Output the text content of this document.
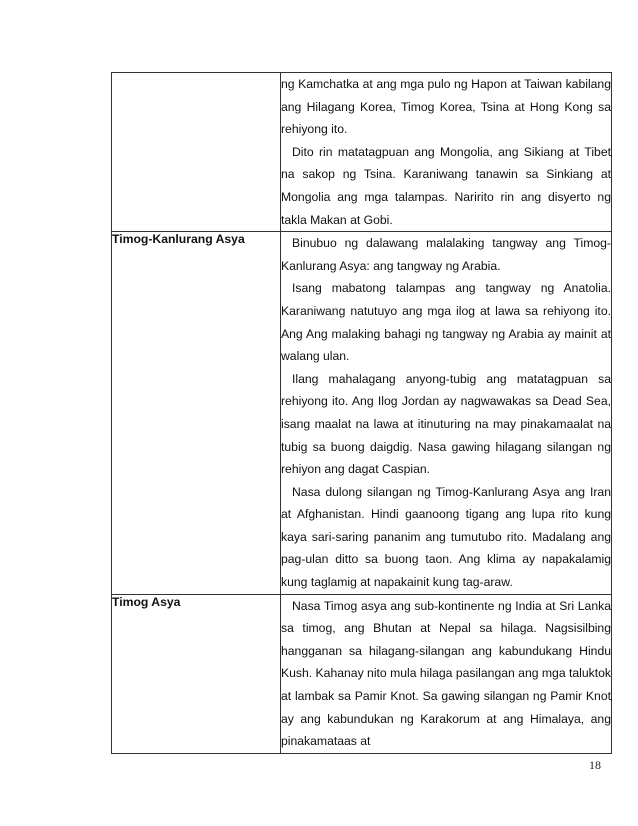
	ng Kamchatka at ang mga pulo ng Hapon at Taiwan kabilang ang Hilagang Korea, Timog Korea, Tsina at Hong Kong sa rehiyong ito.

Dito rin matatagpuan ang Mongolia, ang Sikiang at Tibet na sakop ng Tsina. Karaniwang tanawin sa Sinkiang at Mongolia ang mga talampas. Naririto rin ang disyerto ng takla Makan at Gobi.

Timog-Kanlurang Asya	Binubuo ng dalawang malalaking tangway ang Timog-Kanlurang Asya: ang tangway ng Arabia.

Isang mabatong talampas ang tangway ng Anatolia. Karaniwang natutuyo ang mga ilog at lawa sa rehiyong ito. Ang Ang malaking bahagi ng tangway ng Arabia ay mainit at walang ulan.

Ilang mahalagang anyong-tubig ang matatagpuan sa rehiyong ito. Ang Ilog Jordan ay nagwawakas sa Dead Sea, isang maalat na lawa at itinuturing na may pinakamaalat na tubig sa buong daigdig. Nasa gawing hilagang silangan ng rehiyon ang dagat Caspian.

Nasa dulong silangan ng Timog-Kanlurang Asya ang Iran at Afghanistan. Hindi gaanoong tigang ang lupa rito kung kaya sari-saring pananim ang tumutubo rito. Madalang ang pag-ulan ditto sa buong taon. Ang klima ay napakalamig kung taglamig at napakainit kung tag-araw.

Timog Asya	Nasa Timog asya ang sub-kontinente ng India at Sri Lanka sa timog, ang Bhutan at Nepal sa hilaga. Nagsisilbing hangganan sa hilagang-silangan ang kabundukang Hindu Kush. Kahanay nito mula hilaga pasilangan ang mga taluktok at lambak sa Pamir Knot. Sa gawing silangan ng Pamir Knot ay ang kabundukan ng Karakorum at ang Himalaya, ang pinakamataas at

18
